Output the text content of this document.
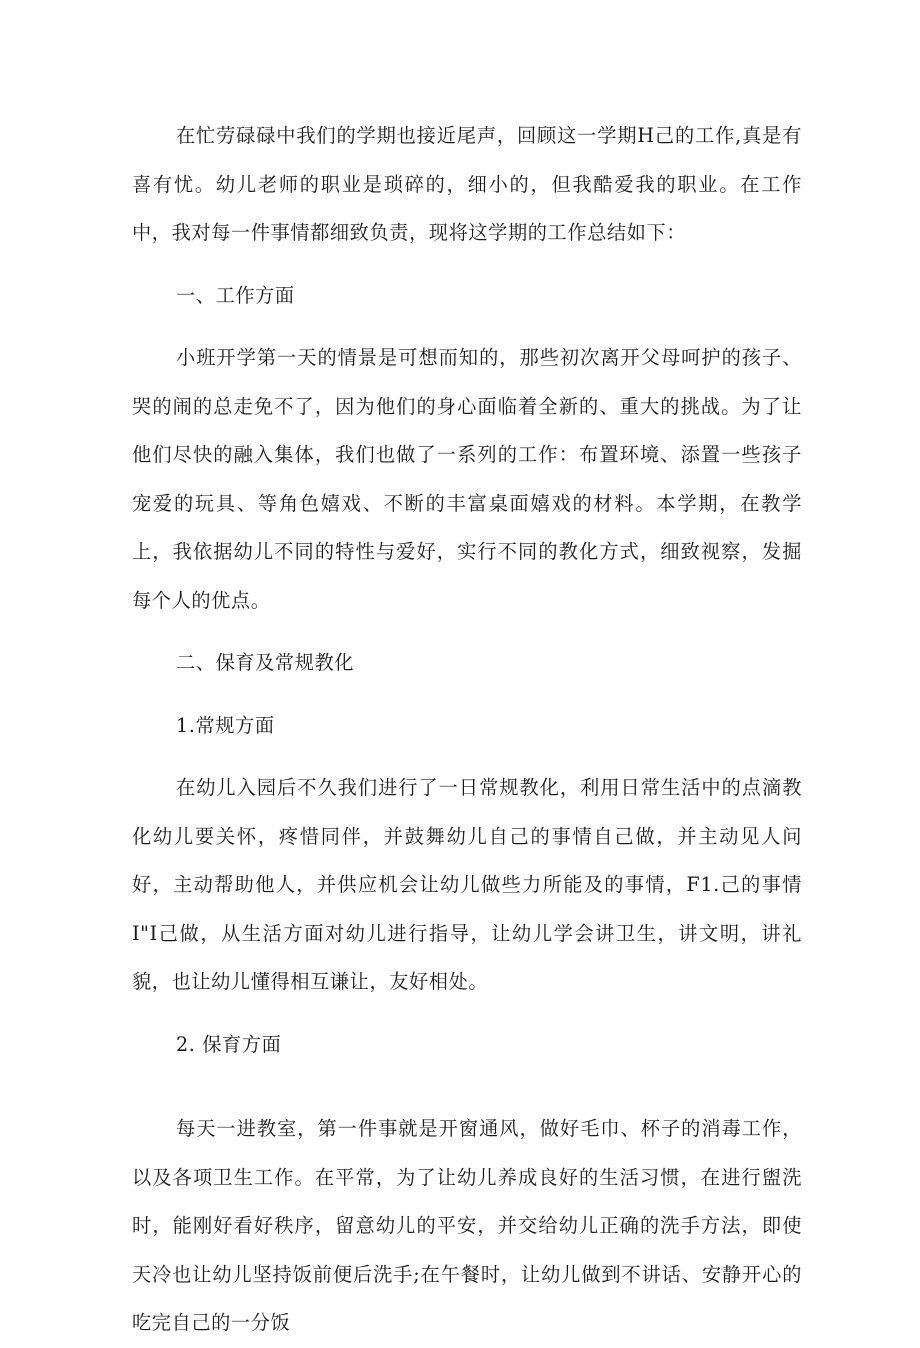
在忙劳碌碌中我们的学期也接近尾声，回顾这一学期H己的工作,真是有喜有忧。幼儿老师的职业是琐碎的，细小的，但我酷爱我的职业。在工作中，我对每一件事情都细致负责，现将这学期的工作总结如下：

一、工作方面

小班开学第一天的情景是可想而知的，那些初次离开父母呵护的孩子、哭的闹的总走免不了，因为他们的身心面临着全新的、重大的挑战。为了让他们尽快的融入集体，我们也做了一系列的工作：布置环境、添置一些孩子宠爱的玩具、等角色嬉戏、不断的丰富桌面嬉戏的材料。本学期，在教学上，我依据幼儿不同的特性与爱好，实行不同的教化方式，细致视察，发掘每个人的优点。

二、保育及常规教化

1.常规方面

在幼儿入园后不久我们进行了一日常规教化，利用日常生活中的点滴教化幼儿要关怀，疼惜同伴，并鼓舞幼儿自己的事情自己做，并主动见人问好，主动帮助他人，并供应机会让幼儿做些力所能及的事情，F1.己的事情I"I己做，从生活方面对幼儿进行指导，让幼儿学会讲卫生，讲文明，讲礼貌，也让幼儿懂得相互谦让，友好相处。

2. 保育方面

每天一进教室，第一件事就是开窗通风，做好毛巾、杯子的消毒工作，以及各项卫生工作。在平常，为了让幼儿养成良好的生活习惯，在进行盥洗时，能刚好看好秩序，留意幼儿的平安，并交给幼儿正确的洗手方法，即使天冷也让幼儿坚持饭前便后洗手;在午餐时，让幼儿做到不讲话、安静开心的吃完自己的一分饭
